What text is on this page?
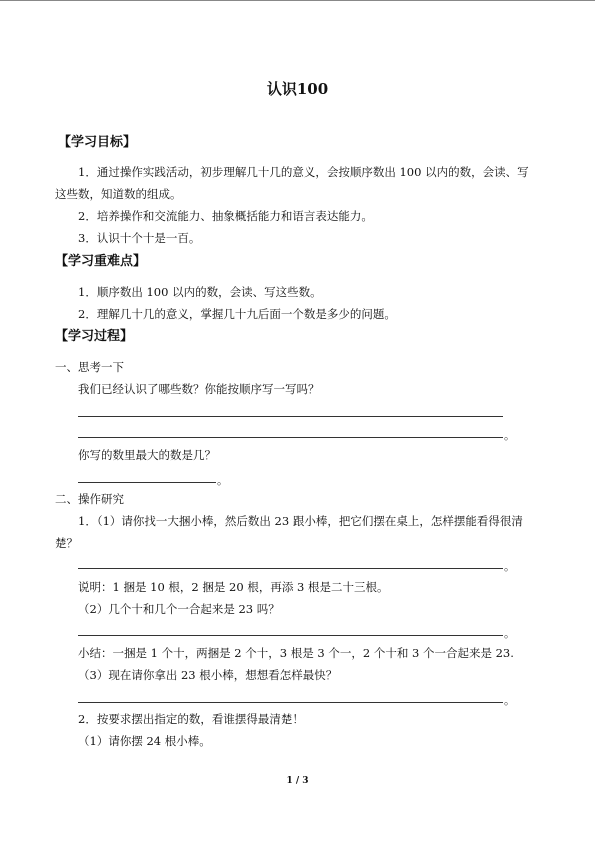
认识100
【学习目标】
1．通过操作实践活动，初步理解几十几的意义，会按顺序数出 100 以内的数，会读、写
这些数，知道数的组成。
2．培养操作和交流能力、抽象概括能力和语言表达能力。
3．认识十个十是一百。
【学习重难点】
1．顺序数出 100 以内的数，会读、写这些数。
2．理解几十几的意义，掌握几十九后面一个数是多少的问题。
【学习过程】
一、思考一下
我们已经认识了哪些数？你能按顺序写一写吗？
。
你写的数里最大的数是几？
。
二、操作研究
1．（1）请你找一大捆小棒，然后数出 23 跟小棒，把它们摆在桌上，怎样摆能看得很清
楚？
。
说明：1 捆是 10 根，2 捆是 20 根，再添 3 根是二十三根。
（2）几个十和几个一合起来是 23 吗？
。
小结：一捆是 1 个十，两捆是 2 个十，3 根是 3 个一，2 个十和 3 个一合起来是 23.
（3）现在请你拿出 23 根小棒，想想看怎样最快？
。
2．按要求摆出指定的数，看谁摆得最清楚！
（1）请你摆 24 根小棒。
1 / 3
